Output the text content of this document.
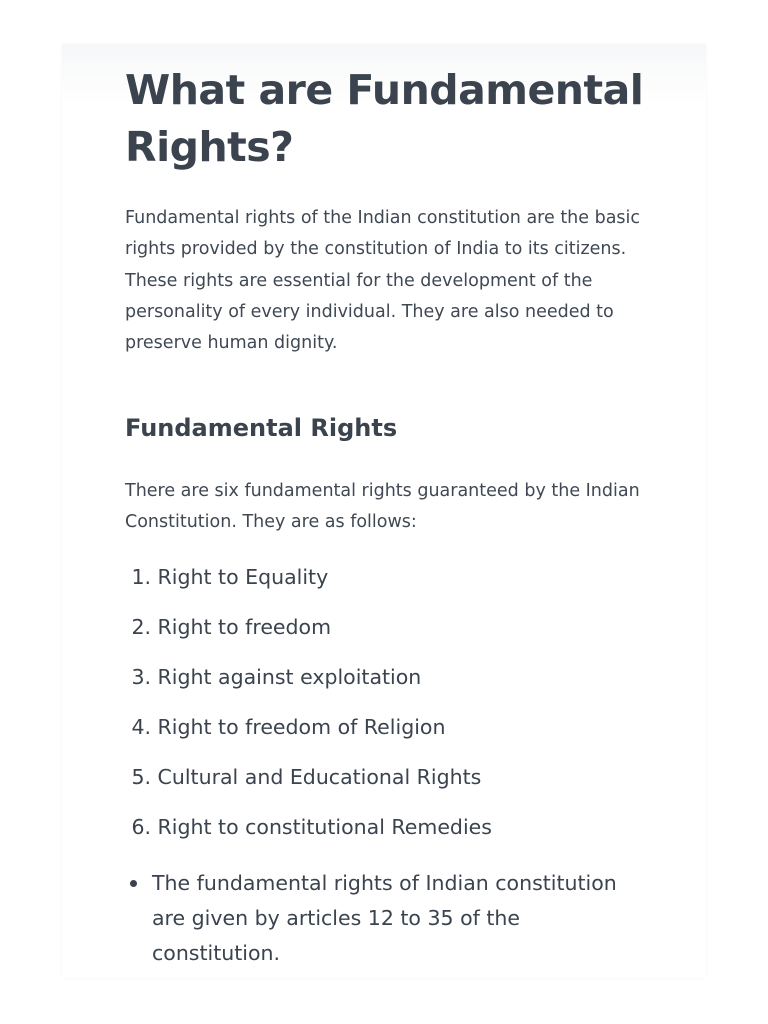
What are Fundamental Rights?

Fundamental rights of the Indian constitution are the basic rights provided by the constitution of India to its citizens. These rights are essential for the development of the personality of every individual. They are also needed to preserve human dignity.

Fundamental Rights

There are six fundamental rights guaranteed by the Indian Constitution. They are as follows:

1. Right to Equality
2. Right to freedom
3. Right against exploitation
4. Right to freedom of Religion
5. Cultural and Educational Rights
6. Right to constitutional Remedies
The fundamental rights of Indian constitution are given by articles 12 to 35 of the constitution.
